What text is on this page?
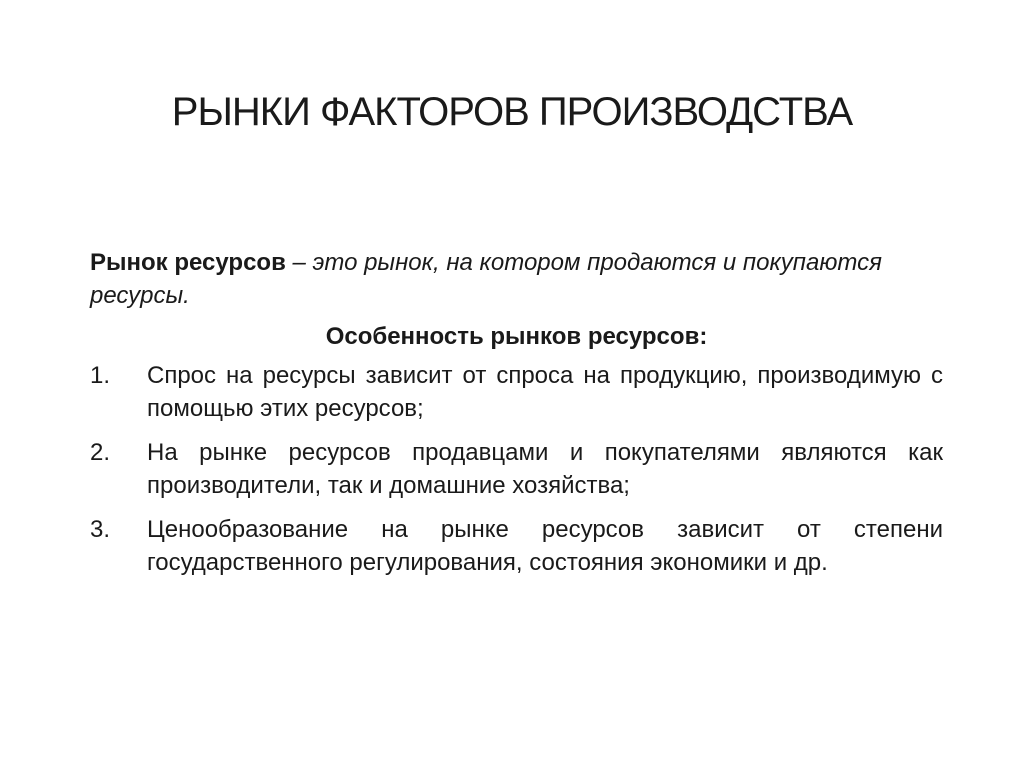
РЫНКИ ФАКТОРОВ ПРОИЗВОДСТВА

Рынок ресурсов – это рынок, на котором продаются и покупаются ресурсы.

Особенность рынков ресурсов:

1. Спрос на ресурсы зависит от спроса на продукцию, производимую с помощью этих ресурсов;
2. На рынке ресурсов продавцами и покупателями являются как производители, так и домашние хозяйства;
3. Ценообразование на рынке ресурсов зависит от степени государственного регулирования, состояния экономики и др.
